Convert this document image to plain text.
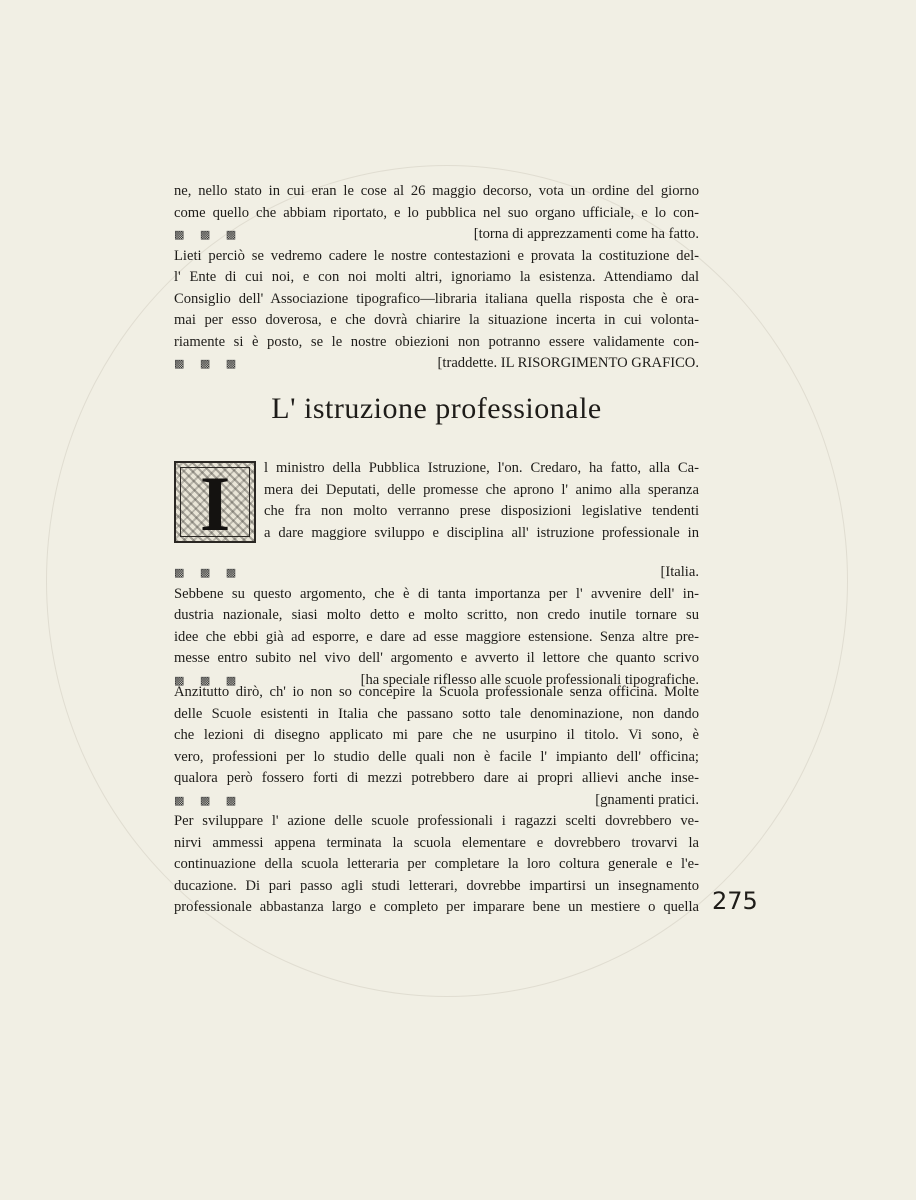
ne, nello stato in cui eran le cose al 26 maggio decorso, vota un ordine del giorno
come quello che abbiam riportato, e lo pubblica nel suo organo ufficiale, e lo con-
▩ ▩ ▩	[torna di apprezzamenti come ha fatto.
Lieti perciò se vedremo cadere le nostre contestazioni e provata la costituzione del-
l' Ente di cui noi, e con noi molti altri, ignoriamo la esistenza. Attendiamo dal
Consiglio dell' Associazione tipografico—libraria italiana quella risposta che è ora-
mai per esso doverosa, e che dovrà chiarire la situazione incerta in cui volonta-
riamente si è posto, se le nostre obiezioni non potranno essere validamente con-
▩ ▩ ▩	[traddette. IL RISORGIMENTO GRAFICO.
L' istruzione professionale
I	l ministro della Pubblica Istruzione, l'on. Credaro, ha fatto, alla Ca-
mera dei Deputati, delle promesse che aprono l' animo alla speranza
che fra non molto verranno prese disposizioni legislative tendenti
a dare maggiore sviluppo e disciplina all' istruzione professionale in
▩ ▩ ▩	[Italia.
Sebbene su questo argomento, che è di tanta importanza per l' avvenire dell' in-
dustria nazionale, siasi molto detto e molto scritto, non credo inutile tornare su
idee che ebbi già ad esporre, e dare ad esse maggiore estensione. Senza altre pre-
messe entro subito nel vivo dell' argomento e avverto il lettore che quanto scrivo
▩ ▩ ▩	[ha speciale riflesso alle scuole professionali tipografiche.
Anzitutto dirò, ch' io non so concepire la Scuola professionale senza officina. Molte
delle Scuole esistenti in Italia che passano sotto tale denominazione, non dando
che lezioni di disegno applicato mi pare che ne usurpino il titolo. Vi sono, è
vero, professioni per lo studio delle quali non è facile l' impianto dell' officina;
qualora però fossero forti di mezzi potrebbero dare ai propri allievi anche inse-
▩ ▩ ▩	[gnamenti pratici.
Per sviluppare l' azione delle scuole professionali i ragazzi scelti dovrebbero ve-
nirvi ammessi appena terminata la scuola elementare e dovrebbero trovarvi la
continuazione della scuola letteraria per completare la loro coltura generale e l'e-
ducazione. Di pari passo agli studi letterari, dovrebbe impartirsi un insegnamento
professionale abbastanza largo e completo per imparare bene un mestiere o quella 275
